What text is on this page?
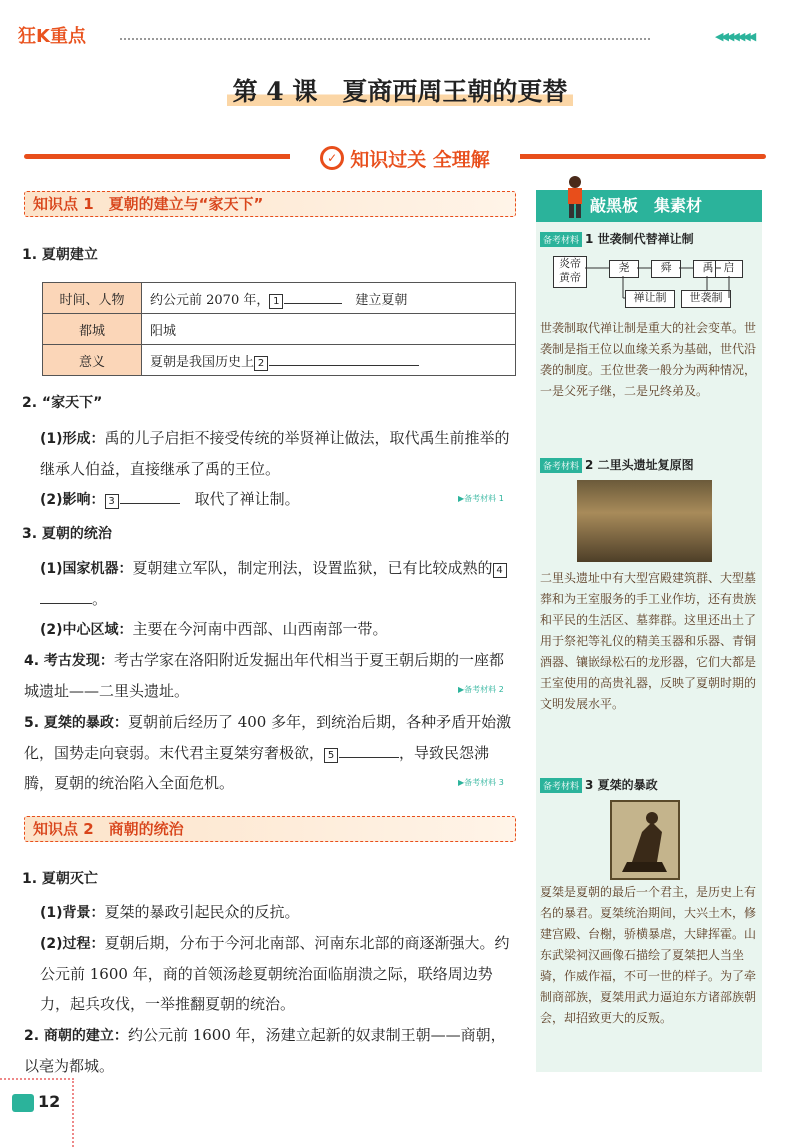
狂K重点	◀◀◀◀◀◀◀
第 4 课　夏商西周王朝的更替
✓ 知识过关 全理解
知识点 1　夏朝的建立与“家天下”
1. 夏朝建立
时间、人物	约公元前 2070 年， 1　 建立夏朝
都城	阳城
意义	夏朝是我国历史上 2
2. “家天下”
(1)形成：禹的儿子启拒不接受传统的举贤禅让做法，取代禹生前推举的继承人伯益，直接继承了禹的王位。
(2)影响： 3　	取代了禅让制。	▶备考材料 1
3. 夏朝的统治
(1)国家机器：夏朝建立军队，制定刑法，设置监狱，已有比较成熟的 4。
(2)中心区域：主要在今河南中西部、山西南部一带。
4. 考古发现：考古学家在洛阳附近发掘出年代相当于夏王朝后期的一座都城遗址——二里头遗址。	▶备考材料 2
5. 夏桀的暴政：夏朝前后经历了 400 多年，到统治后期，各种矛盾开始激化，国势走向衰弱。末代君主夏桀穷奢极欲， 5	，导致民怨沸腾，夏朝的统治陷入全面危机。	▶备考材料 3
知识点 2　商朝的统治
1. 夏朝灭亡
(1)背景：夏桀的暴政引起民众的反抗。
(2)过程：夏朝后期，分布于今河北南部、河南东北部的商逐渐强大。约公元前 1600 年，商的首领汤趁夏朝统治面临崩溃之际，联络周边势力，起兵攻伐，一举推翻夏朝的统治。
2. 商朝的建立：约公元前 1600 年，汤建立起新的奴隶制王朝——商朝，以亳为都城。
敲黑板　集素材
备考材料 1 世袭制代替禅让制
炎帝
黄帝
尧	舜	禹 启
禅让制	世袭制
世袭制取代禅让制是重大的社会变革。世袭制是指王位以血缘关系为基础，世代沿袭的制度。王位世袭一般分为两种情况，一是父死子继，二是兄终弟及。
备考材料 2 二里头遗址复原图
二里头遗址中有大型宫殿建筑群、大型墓葬和为王室服务的手工业作坊，还有贵族和平民的生活区、墓葬群。这里还出土了用于祭祀等礼仪的精美玉器和乐器、青铜酒器、镶嵌绿松石的龙形器，它们大都是王室使用的高贵礼器，反映了夏朝时期的文明发展水平。
备考材料 3 夏桀的暴政
夏桀是夏朝的最后一个君主，是历史上有名的暴君。夏桀统治期间，大兴土木，修建宫殿、台榭，骄横暴虐，大肆挥霍。山东武梁祠汉画像石描绘了夏桀把人当坐骑，作威作福，不可一世的样子。为了牵制商部族，夏桀用武力逼迫东方诸部族朝会，却招致更大的反叛。
12
